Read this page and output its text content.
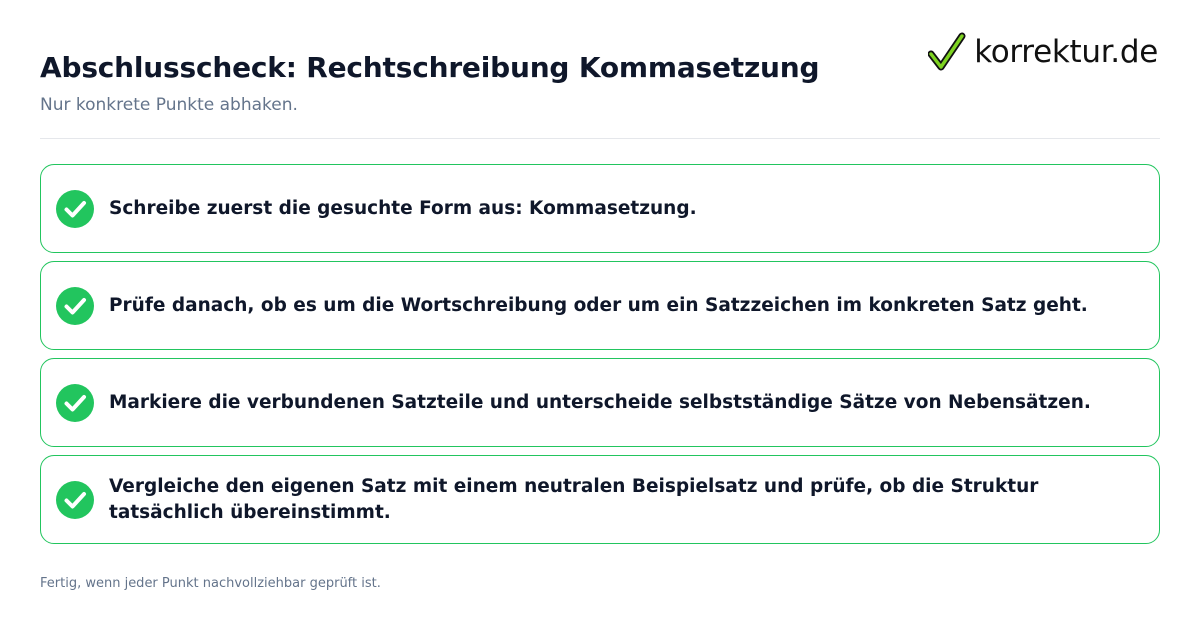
Abschlusscheck: Rechtschreibung Kommasetzung
Nur konkrete Punkte abhaken.
korrektur.de
Schreibe zuerst die gesuchte Form aus: Kommasetzung.
Prüfe danach, ob es um die Wortschreibung oder um ein Satzzeichen im konkreten Satz geht.
Markiere die verbundenen Satzteile und unterscheide selbstständige Sätze von Nebensätzen.
Vergleiche den eigenen Satz mit einem neutralen Beispielsatz und prüfe, ob die Struktur tatsächlich übereinstimmt.
Fertig, wenn jeder Punkt nachvollziehbar geprüft ist.
